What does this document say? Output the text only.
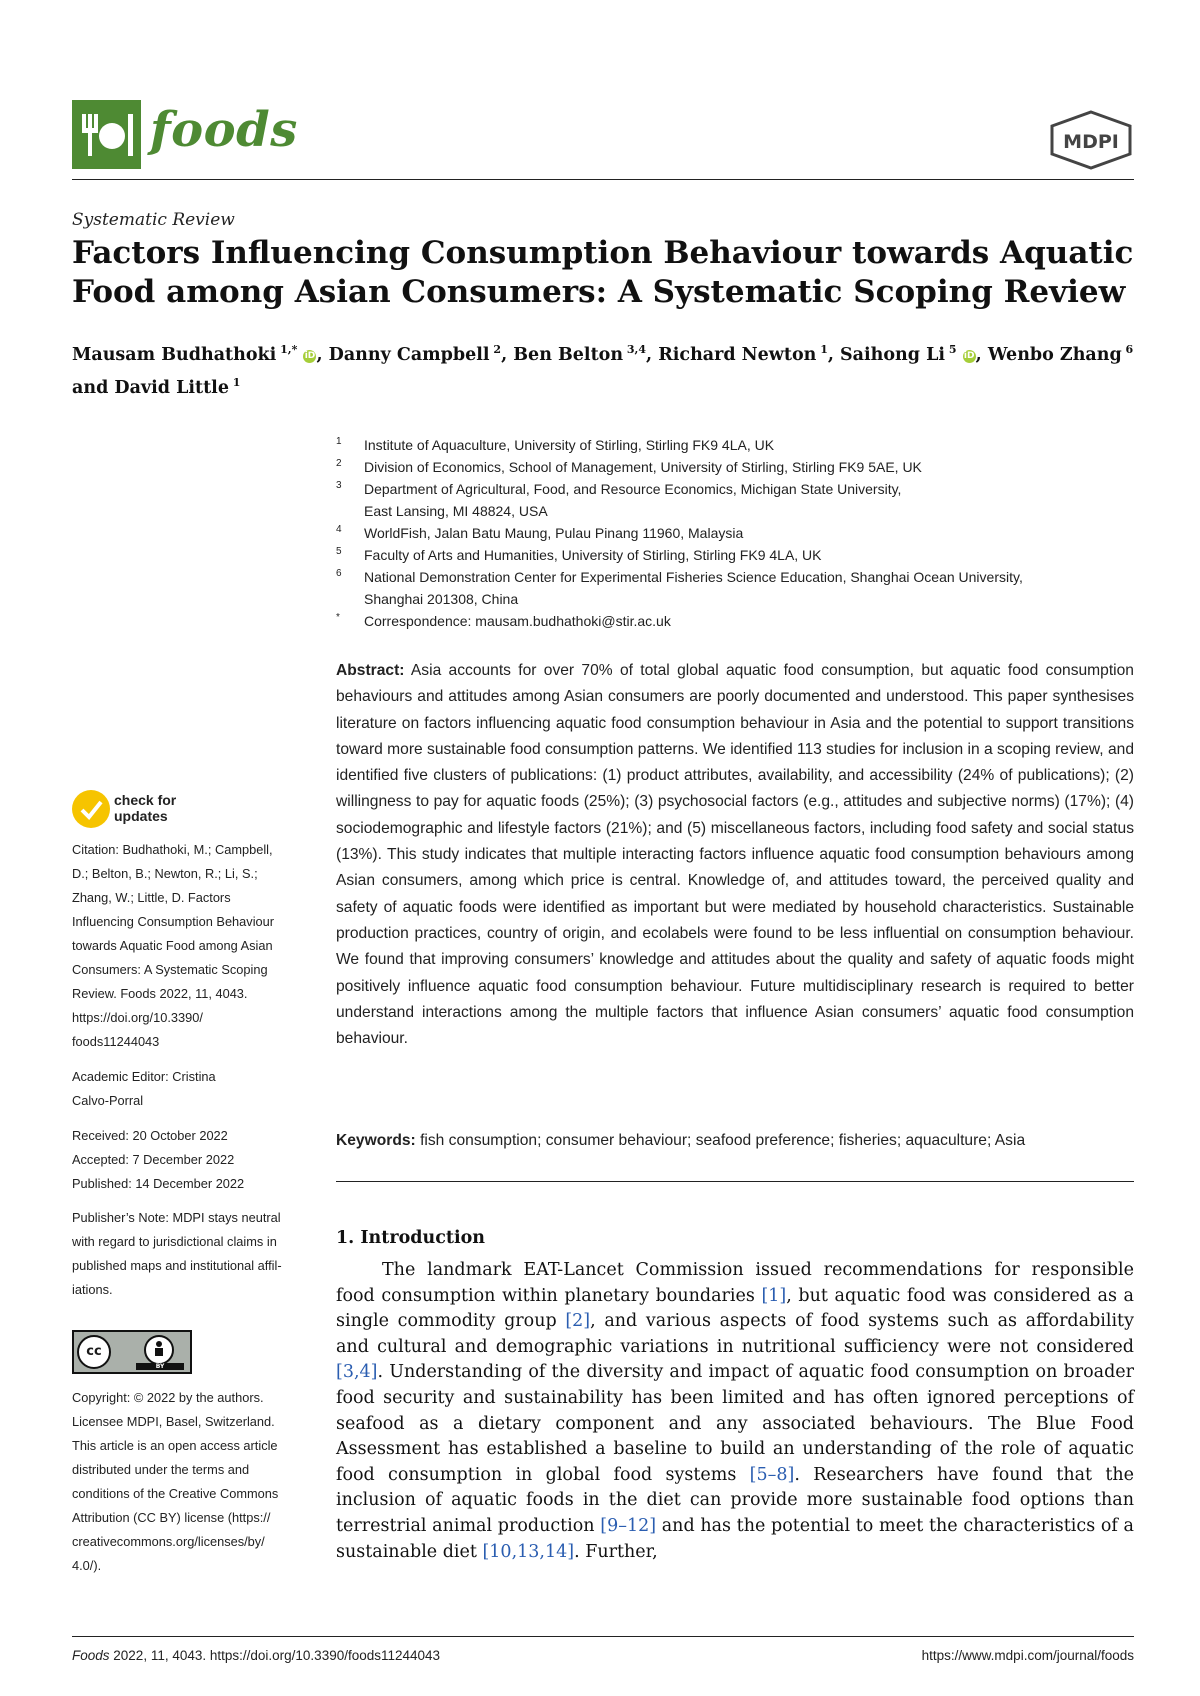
foods	MDPI
Systematic Review
Factors Influencing Consumption Behaviour towards Aquatic Food among Asian Consumers: A Systematic Scoping Review
Mausam Budhathoki $^{1,*}$ iD, Danny Campbell $^2$, Ben Belton $^{3,4}$, Richard Newton $^1$, Saihong Li $^5$ iD, Wenbo Zhang $^6$ and David Little $^1$
1 Institute of Aquaculture, University of Stirling, Stirling FK9 4LA, UK
2 Division of Economics, School of Management, University of Stirling, Stirling FK9 5AE, UK
3 Department of Agricultural, Food, and Resource Economics, Michigan State University,
East Lansing, MI 48824, USA
4 WorldFish, Jalan Batu Maung, Pulau Pinang 11960, Malaysia
5 Faculty of Arts and Humanities, University of Stirling, Stirling FK9 4LA, UK
6 National Demonstration Center for Experimental Fisheries Science Education, Shanghai Ocean University,
Shanghai 201308, China
* Correspondence: mausam.budhathoki@stir.ac.uk
Abstract: Asia accounts for over 70% of total global aquatic food consumption, but aquatic food consumption behaviours and attitudes among Asian consumers are poorly documented and understood. This paper synthesises literature on factors influencing aquatic food consumption behaviour in Asia and the potential to support transitions toward more sustainable food consumption patterns. We identified 113 studies for inclusion in a scoping review, and identified five clusters of publications: (1) product attributes, availability, and accessibility (24% of publications); (2) willingness to pay for aquatic foods (25%); (3) psychosocial factors (e.g., attitudes and subjective norms) (17%); (4) sociodemographic and lifestyle factors (21%); and (5) miscellaneous factors, including food safety and social status (13%). This study indicates that multiple interacting factors influence aquatic food consumption behaviours among Asian consumers, among which price is central. Knowledge of, and attitudes toward, the perceived quality and safety of aquatic foods were identified as important but were mediated by household characteristics. Sustainable production practices, country of origin, and ecolabels were found to be less influential on consumption behaviour. We found that improving consumers’ knowledge and attitudes about the quality and safety of aquatic foods might positively influence aquatic food consumption behaviour. Future multidisciplinary research is required to better understand interactions among the multiple factors that influence Asian consumers’ aquatic food consumption behaviour.
Keywords: fish consumption; consumer behaviour; seafood preference; fisheries; aquaculture; Asia
1. Introduction

The landmark EAT-Lancet Commission issued recommendations for responsible food consumption within planetary boundaries [1], but aquatic food was considered as a single commodity group [2], and various aspects of food systems such as affordability and cultural and demographic variations in nutritional sufficiency were not considered [3,4]. Understanding of the diversity and impact of aquatic food consumption on broader food security and sustainability has been limited and has often ignored perceptions of seafood as a dietary component and any associated behaviours. The Blue Food Assessment has established a baseline to build an understanding of the role of aquatic food consumption in global food systems [5–8]. Researchers have found that the inclusion of aquatic foods in the diet can provide more sustainable food options than terrestrial animal production [9–12] and has the potential to meet the characteristics of a sustainable diet [10,13,14]. Further,

check for
updates
Citation: Budhathoki, M.; Campbell,
D.; Belton, B.; Newton, R.; Li, S.;
Zhang, W.; Little, D. Factors
Influencing Consumption Behaviour
towards Aquatic Food among Asian
Consumers: A Systematic Scoping
Review. Foods 2022, 11, 4043.
https://doi.org/10.3390/
foods11244043
Academic Editor: Cristina
Calvo-Porral
Received: 20 October 2022
Accepted: 7 December 2022
Published: 14 December 2022
Publisher’s Note: MDPI stays neutral
with regard to jurisdictional claims in
published maps and institutional affil-
iations.
cc
BY
Copyright: © 2022 by the authors.
Licensee MDPI, Basel, Switzerland.
This article is an open access article
distributed under the terms and
conditions of the Creative Commons
Attribution (CC BY) license (https://
creativecommons.org/licenses/by/
4.0/).
Foods 2022, 11, 4043. https://doi.org/10.3390/foods11244043	https://www.mdpi.com/journal/foods
